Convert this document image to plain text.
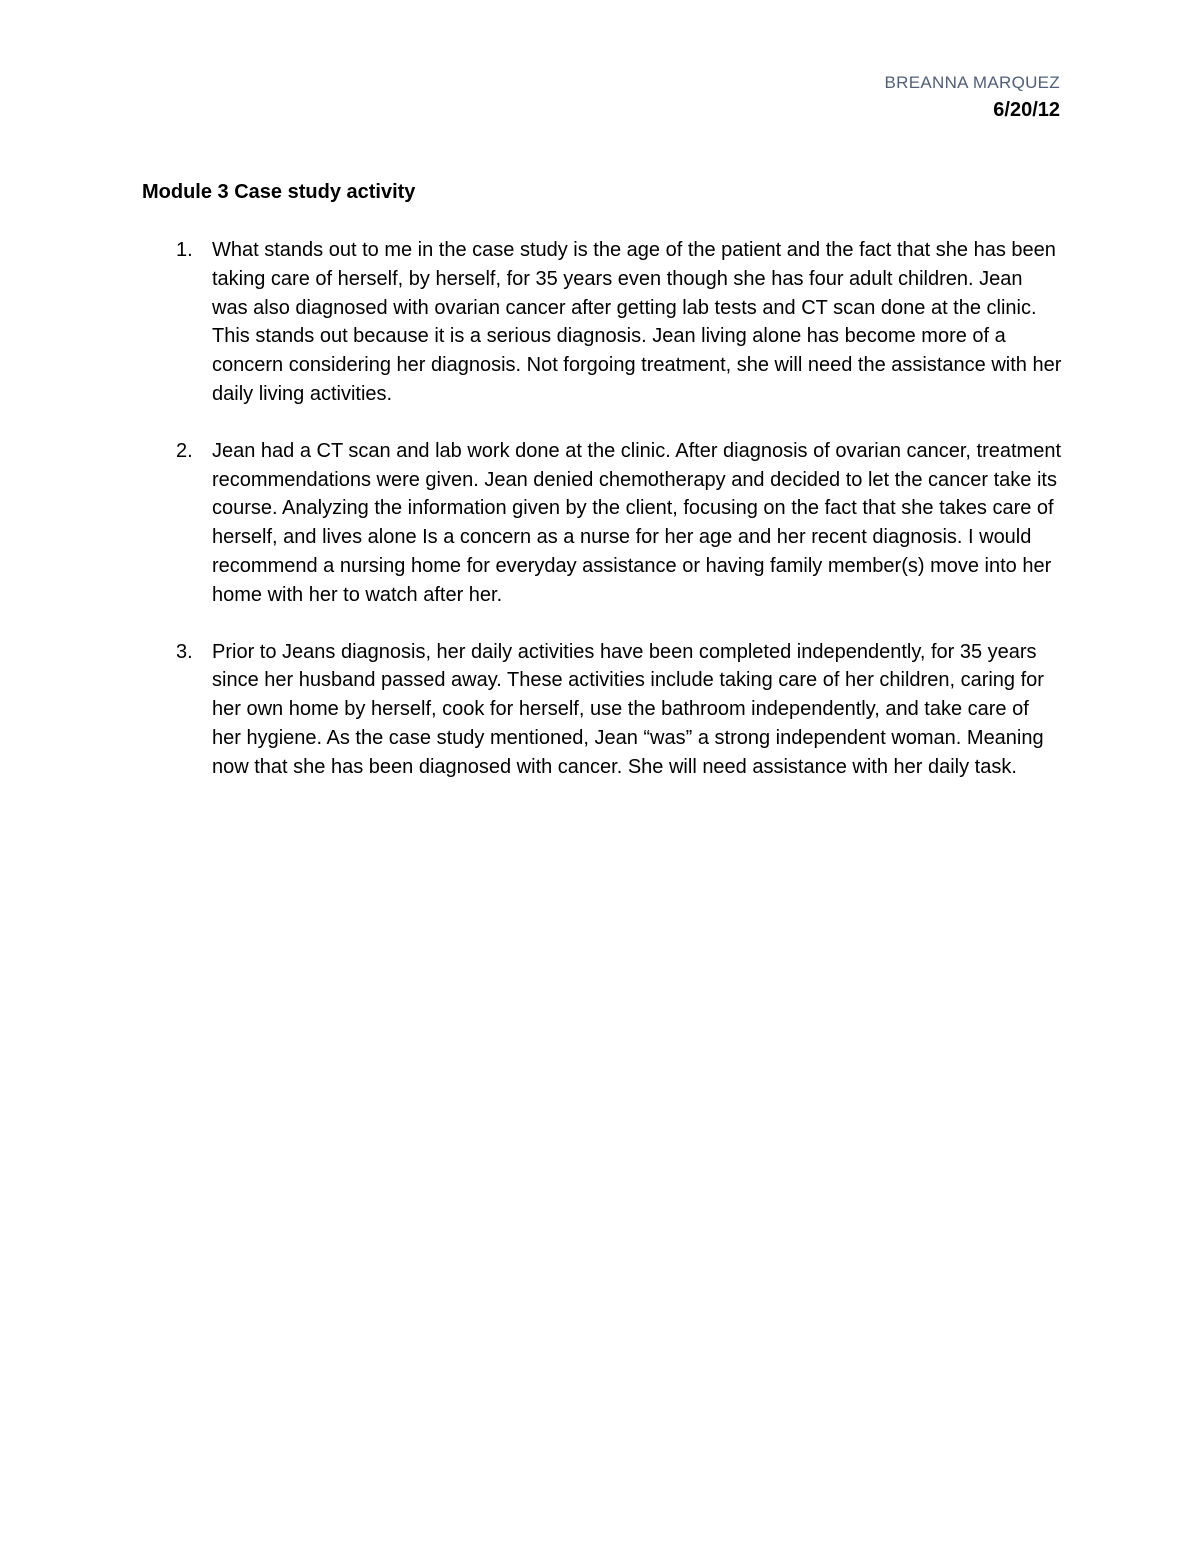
BREANNA MARQUEZ
6/20/12
Module 3 Case study activity
1. What stands out to me in the case study is the age of the patient and the fact that she has been taking care of herself, by herself, for 35 years even though she has four adult children. Jean was also diagnosed with ovarian cancer after getting lab tests and CT scan done at the clinic. This stands out because it is a serious diagnosis. Jean living alone has become more of a concern considering her diagnosis. Not forgoing treatment, she will need the assistance with her daily living activities.
2. Jean had a CT scan and lab work done at the clinic. After diagnosis of ovarian cancer, treatment recommendations were given. Jean denied chemotherapy and decided to let the cancer take its course. Analyzing the information given by the client, focusing on the fact that she takes care of herself, and lives alone Is a concern as a nurse for her age and her recent diagnosis. I would recommend a nursing home for everyday assistance or having family member(s) move into her home with her to watch after her.
3. Prior to Jeans diagnosis, her daily activities have been completed independently, for 35 years since her husband passed away. These activities include taking care of her children, caring for her own home by herself, cook for herself, use the bathroom independently, and take care of her hygiene. As the case study mentioned, Jean “was” a strong independent woman. Meaning now that she has been diagnosed with cancer. She will need assistance with her daily task.
